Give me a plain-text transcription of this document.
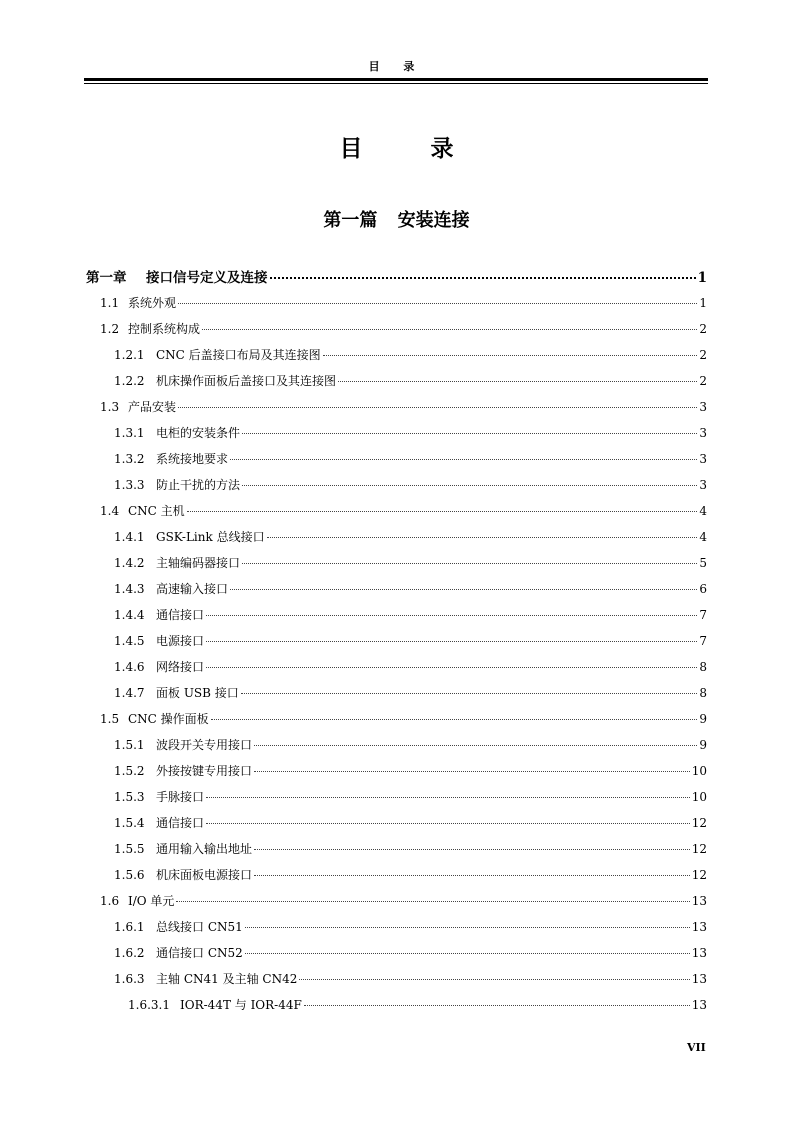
目 录
目 录
第一篇 安装连接
第一章	接口信号定义及连接	1
1.1 系统外观	1
1.2 控制系统构成	2
1.2.1 CNC 后盖接口布局及其连接图	2
1.2.2 机床操作面板后盖接口及其连接图	2
1.3 产品安装	3
1.3.1 电柜的安装条件	3
1.3.2 系统接地要求	3
1.3.3 防止干扰的方法	3
1.4 CNC 主机	4
1.4.1 GSK-Link 总线接口	4
1.4.2 主轴编码器接口	5
1.4.3 高速输入接口	6
1.4.4 通信接口	7
1.4.5 电源接口	7
1.4.6 网络接口	8
1.4.7 面板 USB 接口	8
1.5 CNC 操作面板	9
1.5.1 波段开关专用接口	9
1.5.2 外接按键专用接口	10
1.5.3 手脉接口	10
1.5.4 通信接口	12
1.5.5 通用输入输出地址	12
1.5.6 机床面板电源接口	12
1.6 I/O 单元	13
1.6.1 总线接口 CN51	13
1.6.2 通信接口 CN52	13
1.6.3 主轴 CN41 及主轴 CN42	13
1.6.3.1 IOR-44T 与 IOR-44F	13
VII
